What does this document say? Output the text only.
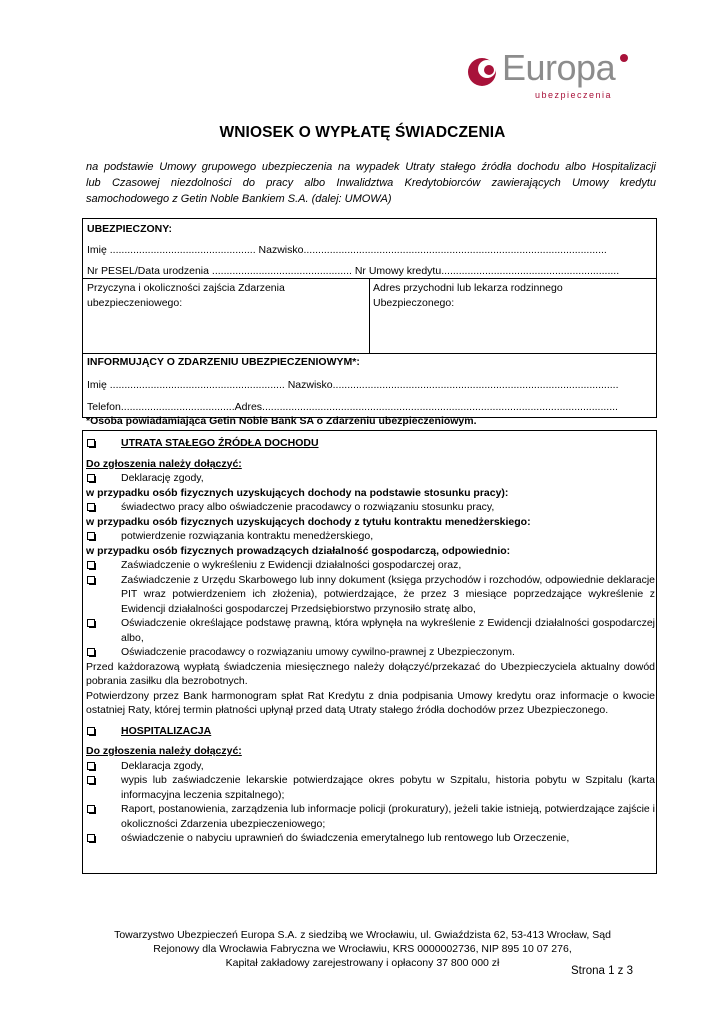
Europa
ubezpieczenia
WNIOSEK O WYPŁATĘ ŚWIADCZENIA
na podstawie Umowy grupowego ubezpieczenia na wypadek Utraty stałego źródła dochodu albo Hospitalizacji
lub Czasowej niezdolności do pracy albo Inwalidztwa Kredytobiorców zawierających Umowy kredytu
samochodowego z Getin Noble Bankiem S.A. (dalej: UMOWA)
UBEZPIECZONY:
Imię .................................................. Nazwisko........................................................................................................
Nr PESEL/Data urodzenia ................................................ Nr Umowy kredytu.............................................................
Przyczyna i okoliczności zajścia Zdarzenia
ubezpieczeniowego:
Adres przychodni lub lekarza rodzinnego
Ubezpieczonego:
INFORMUJĄCY O ZDARZENIU UBEZPIECZENIOWYM*:
Imię ............................................................ Nazwisko..................................................................................................
Telefon.......................................Adres..........................................................................................................................
*Osoba powiadamiająca Getin Noble Bank SA o Zdarzeniu ubezpieczeniowym.
UTRATA STAŁEGO ŹRÓDŁA DOCHODU
Do zgłoszenia należy dołączyć:
Deklarację zgody,
w przypadku osób fizycznych uzyskujących dochody na podstawie stosunku pracy):
świadectwo pracy albo oświadczenie pracodawcy o rozwiązaniu stosunku pracy,
w przypadku osób fizycznych uzyskujących dochody z tytułu kontraktu menedżerskiego:
potwierdzenie rozwiązania kontraktu menedżerskiego,
w przypadku osób fizycznych prowadzących działalność gospodarczą, odpowiednio:
Zaświadczenie o wykreśleniu z Ewidencji działalności gospodarczej oraz,
Zaświadczenie z Urzędu Skarbowego lub inny dokument (księga przychodów i rozchodów, odpowiednie deklaracje PIT wraz potwierdzeniem ich złożenia), potwierdzające, że przez 3 miesiące poprzedzające wykreślenie z Ewidencji działalności gospodarczej Przedsiębiorstwo przynosiło stratę albo,
Oświadczenie określające podstawę prawną, która wpłynęła na wykreślenie z Ewidencji działalności gospodarczej albo,
Oświadczenie pracodawcy o rozwiązaniu umowy cywilno-prawnej z Ubezpieczonym.
Przed każdorazową wypłatą świadczenia miesięcznego należy dołączyć/przekazać do Ubezpieczyciela aktualny dowód pobrania zasiłku dla bezrobotnych.
Potwierdzony przez Bank harmonogram spłat Rat Kredytu z dnia podpisania Umowy kredytu oraz informacje o kwocie ostatniej Raty, której termin płatności upłynął przed datą Utraty stałego źródła dochodów przez Ubezpieczonego.
HOSPITALIZACJA
Do zgłoszenia należy dołączyć:
Deklaracja zgody,
wypis lub zaświadczenie lekarskie potwierdzające okres pobytu w Szpitalu, historia pobytu w Szpitalu (karta informacyjna leczenia szpitalnego);
Raport, postanowienia, zarządzenia lub informacje policji (prokuratury), jeżeli takie istnieją, potwierdzające zajście i okoliczności Zdarzenia ubezpieczeniowego;
oświadczenie o nabyciu uprawnień do świadczenia emerytalnego lub rentowego lub Orzeczenie,
Towarzystwo Ubezpieczeń Europa S.A. z siedzibą we Wrocławiu, ul. Gwiaździsta 62, 53-413 Wrocław, Sąd
Rejonowy dla Wrocławia Fabryczna we Wrocławiu, KRS 0000002736, NIP 895 10 07 276,
Kapitał zakładowy zarejestrowany i opłacony 37 800 000 zł
Strona 1 z 3
